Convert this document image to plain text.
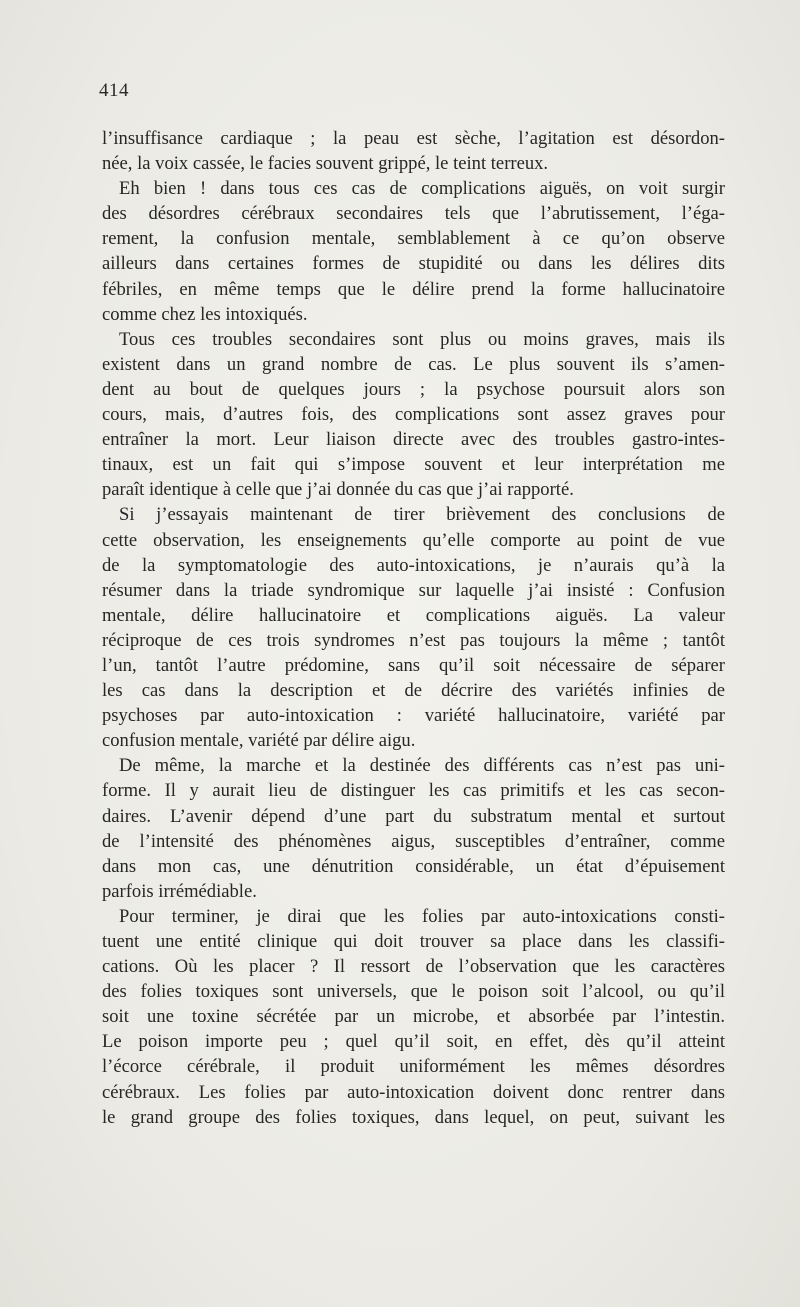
414
l’insuffisance cardiaque ; la peau est sèche, l’agitation est désordon-
née, la voix cassée, le facies souvent grippé, le teint terreux.
Eh bien ! dans tous ces cas de complications aiguës, on voit surgir
des désordres cérébraux secondaires tels que l’abrutissement, l’éga-
rement, la confusion mentale, semblablement à ce qu’on observe
ailleurs dans certaines formes de stupidité ou dans les délires dits
fébriles, en même temps que le délire prend la forme hallucinatoire
comme chez les intoxiqués.
Tous ces troubles secondaires sont plus ou moins graves, mais ils
existent dans un grand nombre de cas. Le plus souvent ils s’amen-
dent au bout de quelques jours ; la psychose poursuit alors son
cours, mais, d’autres fois, des complications sont assez graves pour
entraîner la mort. Leur liaison directe avec des troubles gastro-intes-
tinaux, est un fait qui s’impose souvent et leur interprétation me
paraît identique à celle que j’ai donnée du cas que j’ai rapporté.
Si j’essayais maintenant de tirer brièvement des conclusions de
cette observation, les enseignements qu’elle comporte au point de vue
de la symptomatologie des auto-intoxications, je n’aurais qu’à la
résumer dans la triade syndromique sur laquelle j’ai insisté : Confusion
mentale, délire hallucinatoire et complications aiguës. La valeur
réciproque de ces trois syndromes n’est pas toujours la même ; tantôt
l’un, tantôt l’autre prédomine, sans qu’il soit nécessaire de séparer
les cas dans la description et de décrire des variétés infinies de
psychoses par auto-intoxication : variété hallucinatoire, variété par
confusion mentale, variété par délire aigu.
De même, la marche et la destinée des différents cas n’est pas uni-
forme. Il y aurait lieu de distinguer les cas primitifs et les cas secon-
daires. L’avenir dépend d’une part du substratum mental et surtout
de l’intensité des phénomènes aigus, susceptibles d’entraîner, comme
dans mon cas, une dénutrition considérable, un état d’épuisement
parfois irrémédiable.
Pour terminer, je dirai que les folies par auto-intoxications consti-
tuent une entité clinique qui doit trouver sa place dans les classifi-
cations. Où les placer ? Il ressort de l’observation que les caractères
des folies toxiques sont universels, que le poison soit l’alcool, ou qu’il
soit une toxine sécrétée par un microbe, et absorbée par l’intestin.
Le poison importe peu ; quel qu’il soit, en effet, dès qu’il atteint
l’écorce cérébrale, il produit uniformément les mêmes désordres
cérébraux. Les folies par auto-intoxication doivent donc rentrer dans
le grand groupe des folies toxiques, dans lequel, on peut, suivant les
